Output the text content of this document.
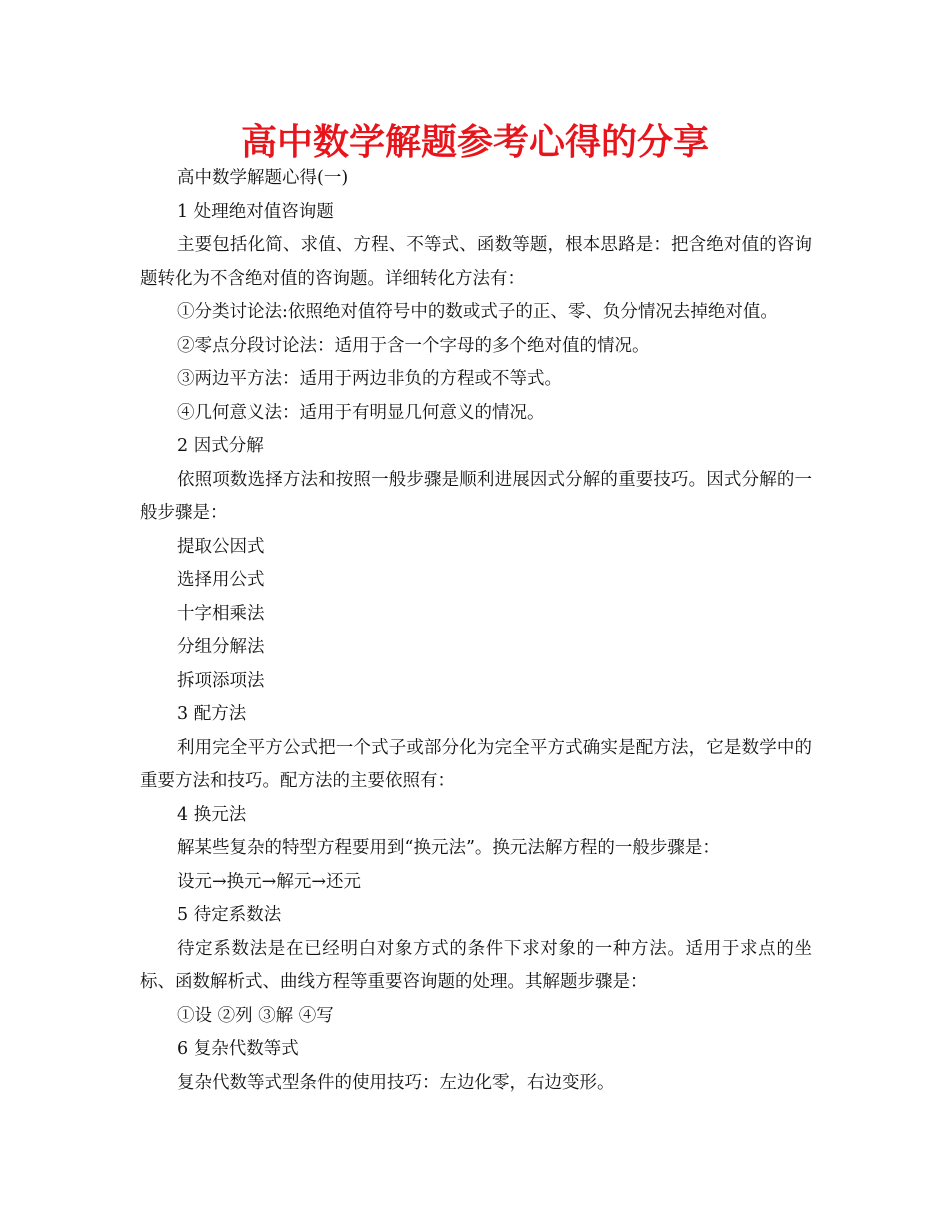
高中数学解题参考心得的分享

高中数学解题心得(一)

1 处理绝对值咨询题

主要包括化简、求值、方程、不等式、函数等题，根本思路是：把含绝对值的咨询题转化为不含绝对值的咨询题。详细转化方法有：

①分类讨论法:依照绝对值符号中的数或式子的正、零、负分情况去掉绝对值。

②零点分段讨论法：适用于含一个字母的多个绝对值的情况。

③两边平方法：适用于两边非负的方程或不等式。

④几何意义法：适用于有明显几何意义的情况。

2 因式分解

依照项数选择方法和按照一般步骤是顺利进展因式分解的重要技巧。因式分解的一般步骤是：

提取公因式

选择用公式

十字相乘法

分组分解法

拆项添项法

3 配方法

利用完全平方公式把一个式子或部分化为完全平方式确实是配方法，它是数学中的重要方法和技巧。配方法的主要依照有：

4 换元法

解某些复杂的特型方程要用到“换元法”。换元法解方程的一般步骤是：

设元→换元→解元→还元

5 待定系数法

待定系数法是在已经明白对象方式的条件下求对象的一种方法。适用于求点的坐标、函数解析式、曲线方程等重要咨询题的处理。其解题步骤是：

①设 ②列 ③解 ④写

6 复杂代数等式

复杂代数等式型条件的使用技巧：左边化零，右边变形。
